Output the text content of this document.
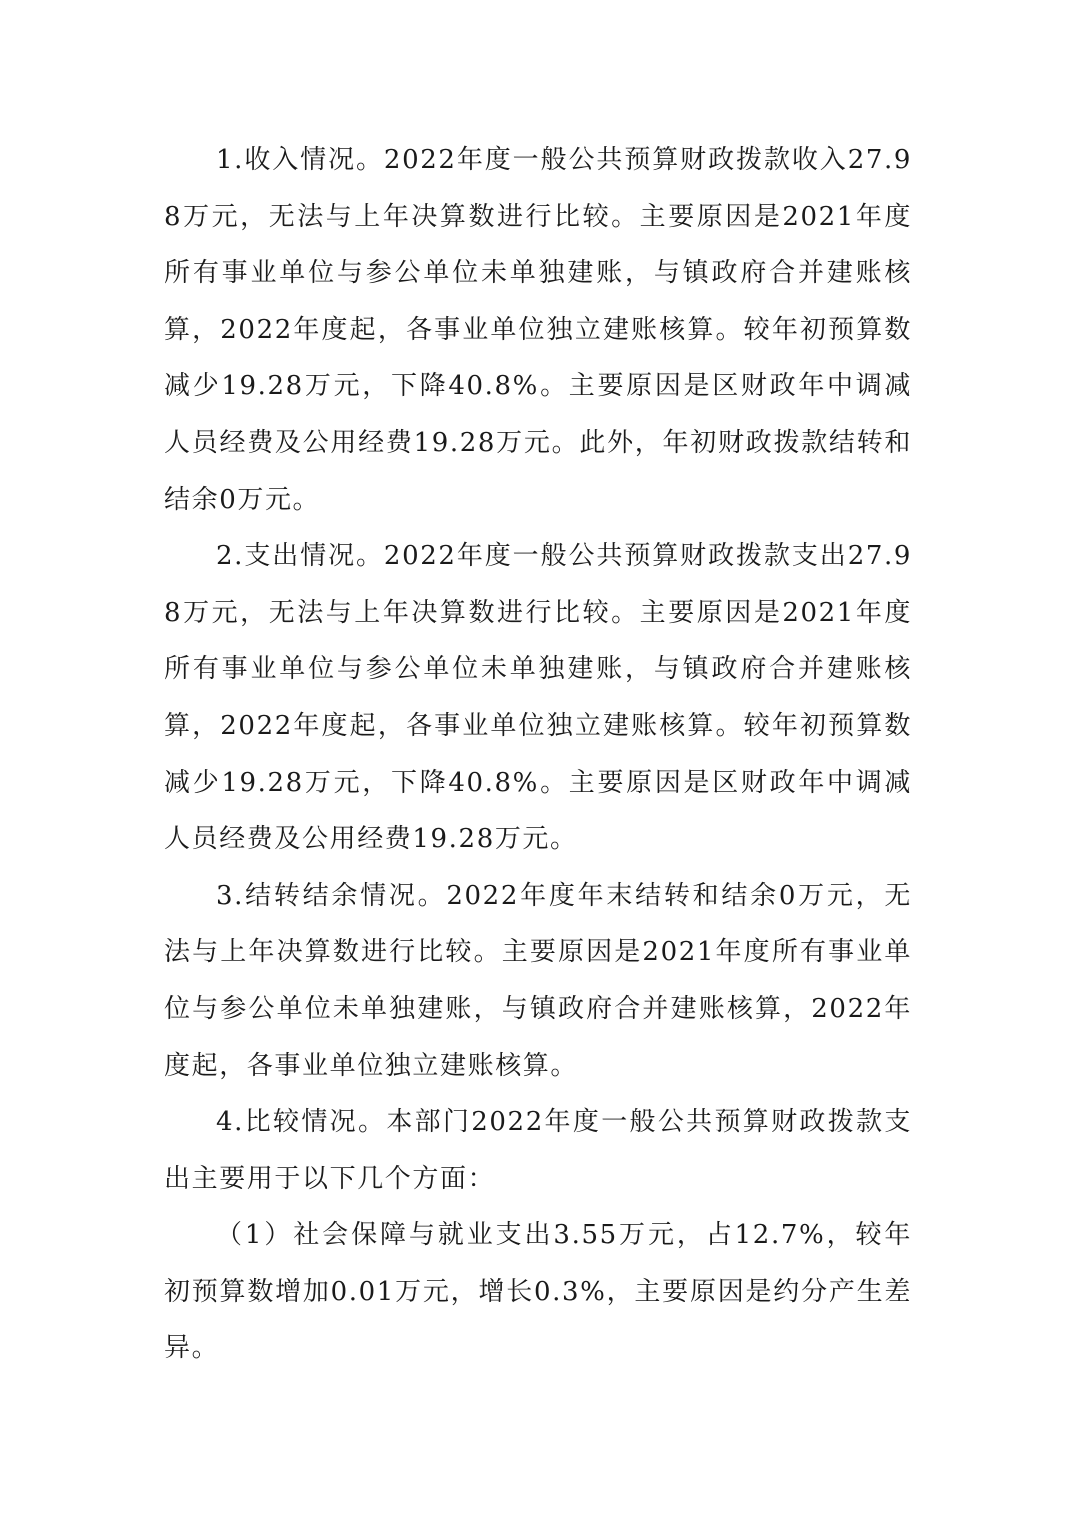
1.收入情况。2022年度一般公共预算财政拨款收入27.98万元，无法与上年决算数进行比较。主要原因是2021年度所有事业单位与参公单位未单独建账，与镇政府合并建账核算，2022年度起，各事业单位独立建账核算。较年初预算数减少19.28万元，下降40.8%。主要原因是区财政年中调减人员经费及公用经费19.28万元。此外，年初财政拨款结转和结余0万元。

2.支出情况。2022年度一般公共预算财政拨款支出27.98万元，无法与上年决算数进行比较。主要原因是2021年度所有事业单位与参公单位未单独建账，与镇政府合并建账核算，2022年度起，各事业单位独立建账核算。较年初预算数减少19.28万元，下降40.8%。主要原因是区财政年中调减人员经费及公用经费19.28万元。

3.结转结余情况。2022年度年末结转和结余0万元，无法与上年决算数进行比较。主要原因是2021年度所有事业单位与参公单位未单独建账，与镇政府合并建账核算，2022年度起，各事业单位独立建账核算。

4.比较情况。本部门2022年度一般公共预算财政拨款支出主要用于以下几个方面：

（1）社会保障与就业支出3.55万元，占12.7%，较年初预算数增加0.01万元，增长0.3%，主要原因是约分产生差异。
